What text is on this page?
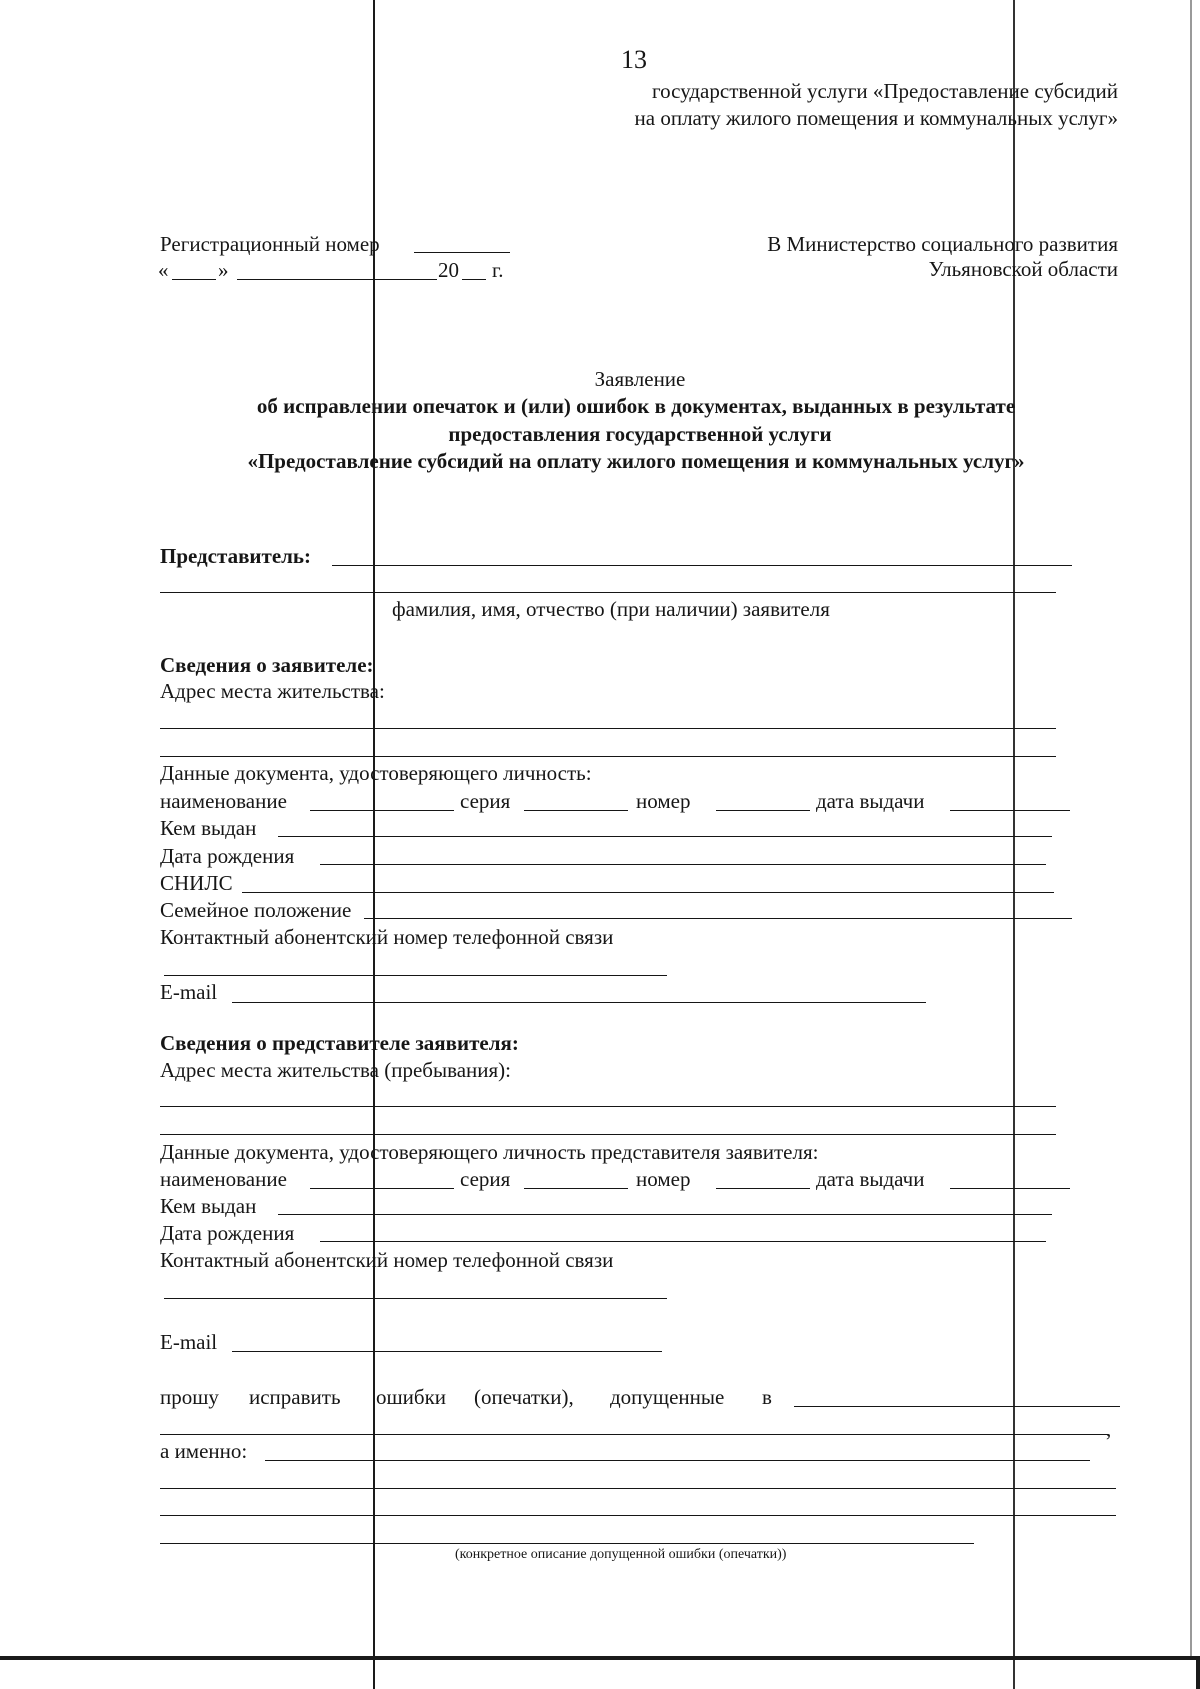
13
государственной услуги «Предоставление субсидий
на оплату жилого помещения и коммунальных услуг»
Регистрационный номер
« »	20 г.
В Министерство социального развития
Ульяновской области
Заявление
об исправлении опечаток и (или) ошибок в документах, выданных в результате
предоставления государственной услуги
«Предоставление субсидий на оплату жилого помещения и коммунальных услуг»
Представитель:
фамилия, имя, отчество (при наличии) заявителя
Сведения о заявителе:
Адрес места жительства:
Данные документа, удостоверяющего личность:
наименование	серия	номер	дата выдачи
Кем выдан
Дата рождения
СНИЛС
Семейное положение
Контактный абонентский номер телефонной связи
E-mail
Сведения о представителе заявителя:
Адрес места жительства (пребывания):
Данные документа, удостоверяющего личность представителя заявителя:
наименование	серия	номер	дата выдачи
Кем выдан
Дата рождения
Контактный абонентский номер телефонной связи
E-mail
прошу исправить ошибки (опечатки), допущенные в
,
а именно:
(конкретное описание допущенной ошибки (опечатки))
